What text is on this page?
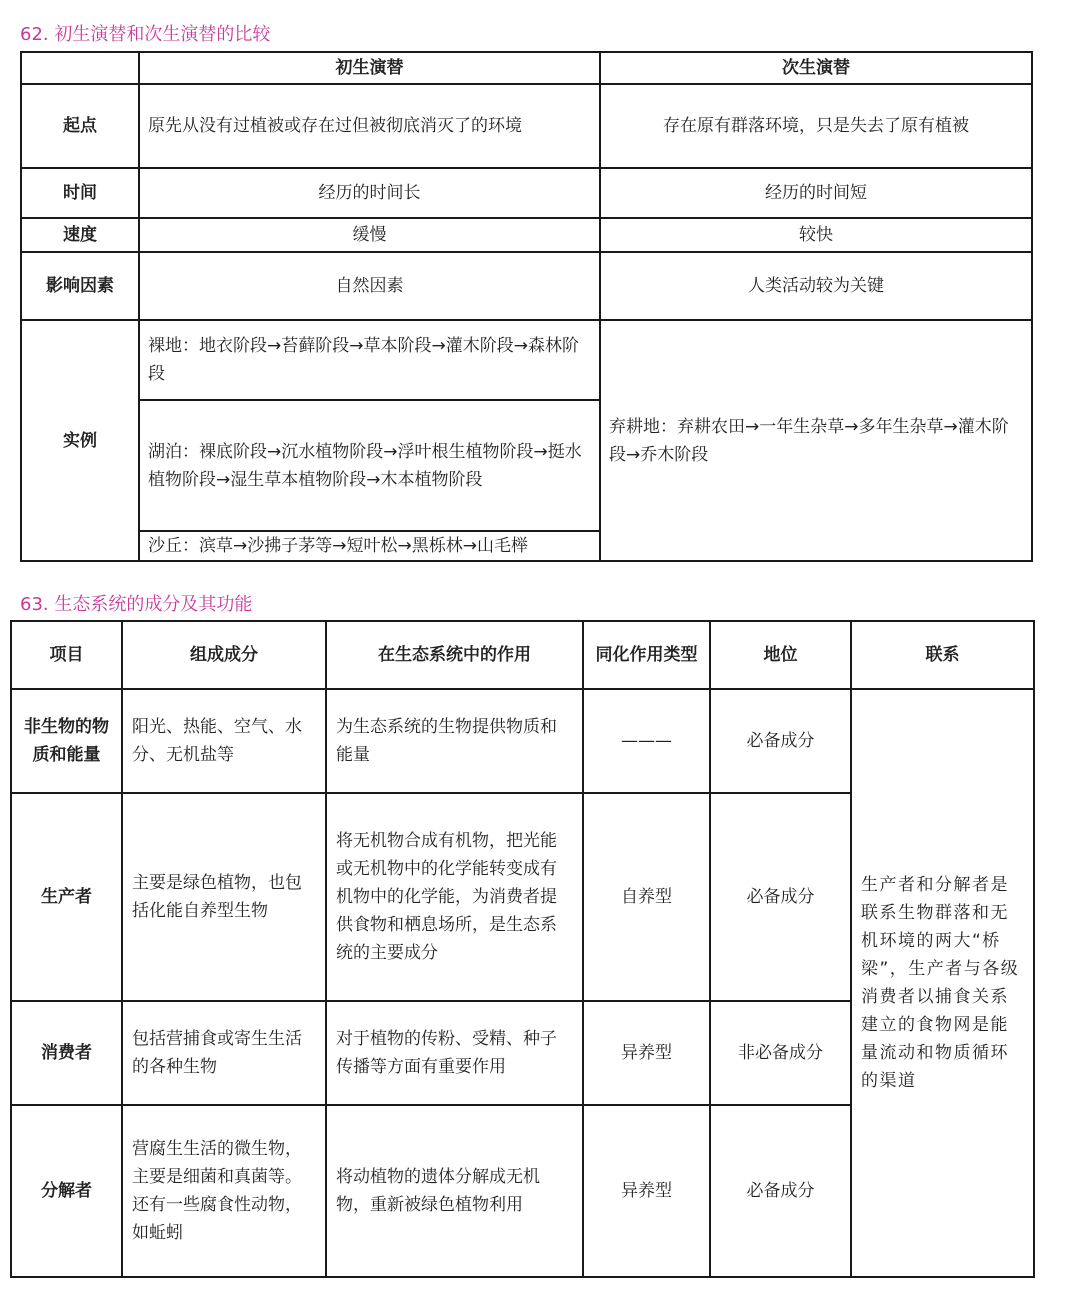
62. 初生演替和次生演替的比较
	初生演替	次生演替
起点	原先从没有过植被或存在过但被彻底消灭了的环境	存在原有群落环境，只是失去了原有植被
时间	经历的时间长	经历的时间短
速度	缓慢	较快
影响因素	自然因素	人类活动较为关键
实例	裸地：地衣阶段→苔藓阶段→草本阶段→灌木阶段→森林阶段	弃耕地：弃耕农田→一年生杂草→多年生杂草→灌木阶段→乔木阶段
	湖泊：裸底阶段→沉水植物阶段→浮叶根生植物阶段→挺水植物阶段→湿生草本植物阶段→木本植物阶段	
	沙丘：滨草→沙拂子茅等→短叶松→黑栎林→山毛榉	
63. 生态系统的成分及其功能
项目	组成成分	在生态系统中的作用	同化作用类型	地位	联系
非生物的物质和能量	阳光、热能、空气、水分、无机盐等	为生态系统的生物提供物质和能量	———	必备成分	生产者和分解者是联系生物群落和无机环境的两大“桥梁”，生产者与各级消费者以捕食关系建立的食物网是能量流动和物质循环的渠道
生产者	主要是绿色植物，也包括化能自养型生物	将无机物合成有机物，把光能或无机物中的化学能转变成有机物中的化学能，为消费者提供食物和栖息场所，是生态系统的主要成分	自养型	必备成分	
消费者	包括营捕食或寄生生活的各种生物	对于植物的传粉、受精、种子传播等方面有重要作用	异养型	非必备成分	
分解者	营腐生生活的微生物，主要是细菌和真菌等。还有一些腐食性动物，如蚯蚓	将动植物的遗体分解成无机物，重新被绿色植物利用	异养型	必备成分	
